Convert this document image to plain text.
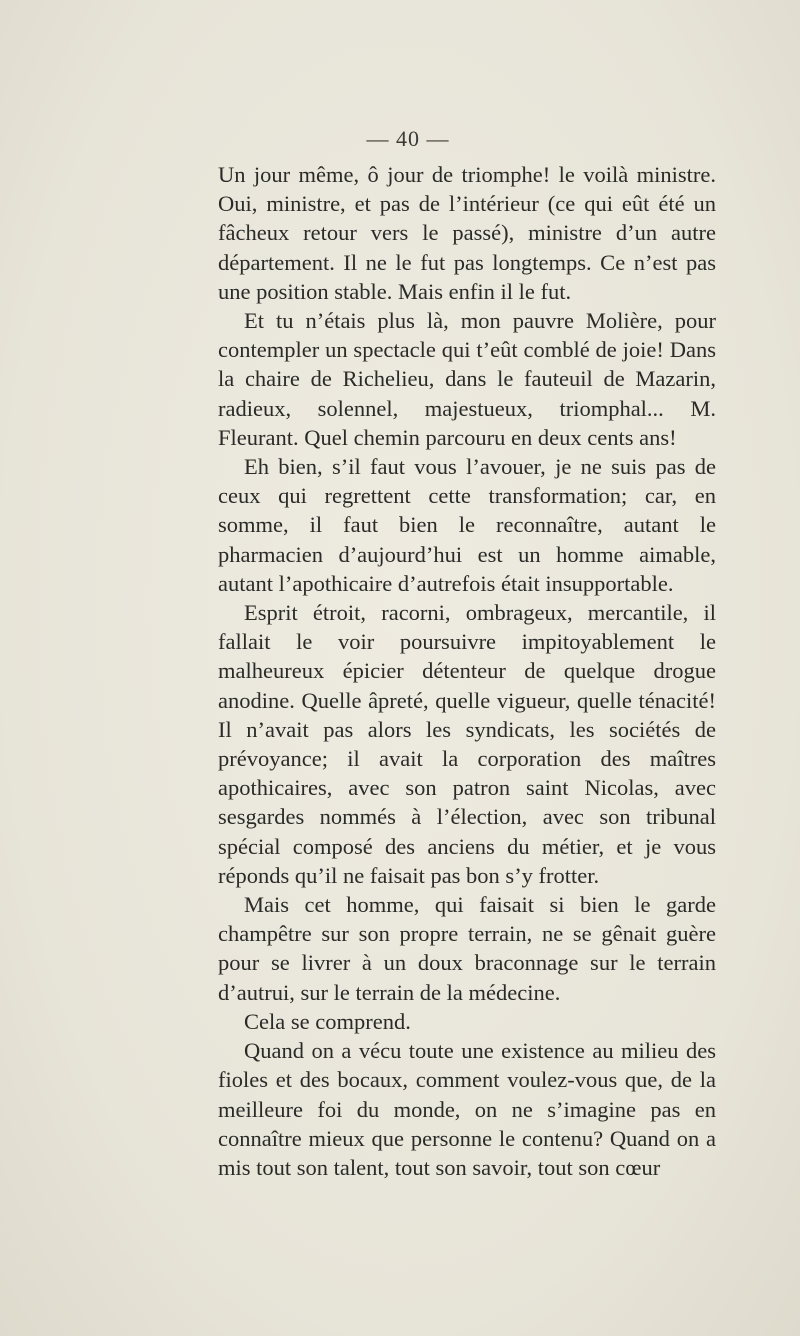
— 40 —

Un jour même, ô jour de triomphe! le voilà ministre. Oui, ministre, et pas de l’intérieur (ce qui eût été un fâcheux retour vers le passé), ministre d’un autre département. Il ne le fut pas longtemps. Ce n’est pas une position stable. Mais enfin il le fut.

Et tu n’étais plus là, mon pauvre Molière, pour contempler un spectacle qui t’eût comblé de joie! Dans la chaire de Richelieu, dans le fauteuil de Mazarin, radieux, solennel, majestueux, triomphal... M. Fleurant. Quel chemin parcouru en deux cents ans!

Eh bien, s’il faut vous l’avouer, je ne suis pas de ceux qui regrettent cette transformation; car, en somme, il faut bien le reconnaître, autant le pharmacien d’aujourd’hui est un homme aimable, autant l’apothicaire d’autrefois était insupportable.

Esprit étroit, racorni, ombrageux, mercantile, il fallait le voir poursuivre impitoyablement le malheureux épicier détenteur de quelque drogue anodine. Quelle âpreté, quelle vigueur, quelle ténacité! Il n’avait pas alors les syndicats, les sociétés de prévoyance; il avait la corporation des maîtres apothicaires, avec son patron saint Nicolas, avec sesgardes nommés à l’élection, avec son tribunal spécial composé des anciens du métier, et je vous réponds qu’il ne faisait pas bon s’y frotter.

Mais cet homme, qui faisait si bien le garde champêtre sur son propre terrain, ne se gênait guère pour se livrer à un doux braconnage sur le terrain d’autrui, sur le terrain de la médecine.

Cela se comprend.

Quand on a vécu toute une existence au milieu des fioles et des bocaux, comment voulez-vous que, de la meilleure foi du monde, on ne s’imagine pas en connaître mieux que personne le contenu? Quand on a mis tout son talent, tout son savoir, tout son cœur
